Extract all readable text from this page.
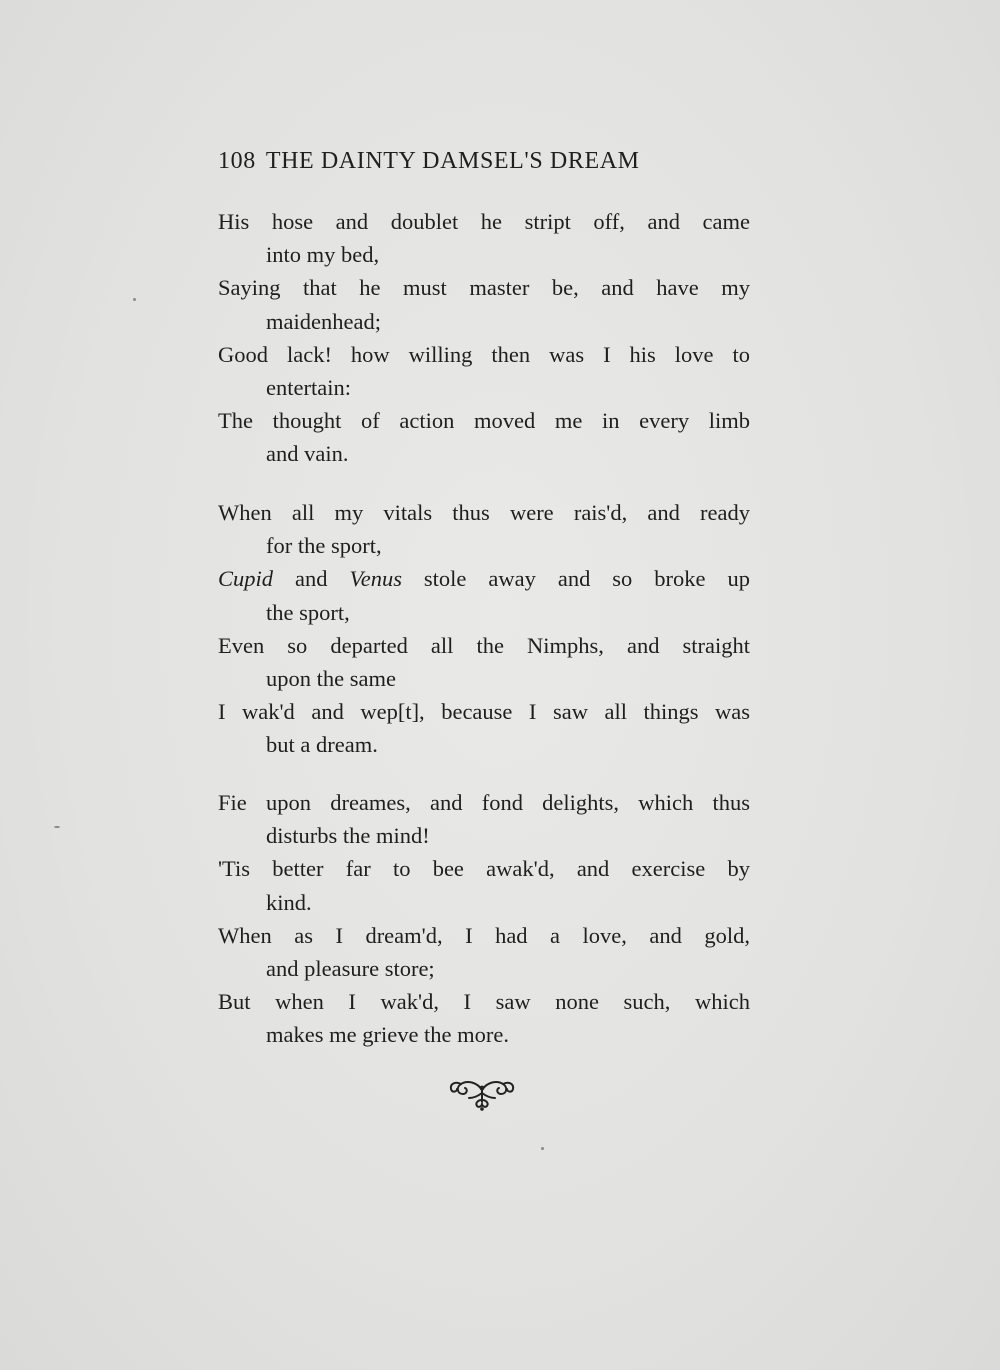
108 THE DAINTY DAMSEL'S DREAM
His hose and doublet he stript off, and came
into my bed,
Saying that he must master be, and have my
maidenhead;
Good lack! how willing then was I his love to
entertain:
The thought of action moved me in every limb
and vain.
When all my vitals thus were rais'd, and ready
for the sport,
Cupid and Venus stole away and so broke up
the sport,
Even so departed all the Nimphs, and straight
upon the same
I wak'd and wep[t], because I saw all things was
but a dream.
Fie upon dreames, and fond delights, which thus
disturbs the mind!
'Tis better far to bee awak'd, and exercise by
kind.
When as I dream'd, I had a love, and gold,
and pleasure store;
But when I wak'd, I saw none such, which
makes me grieve the more.
